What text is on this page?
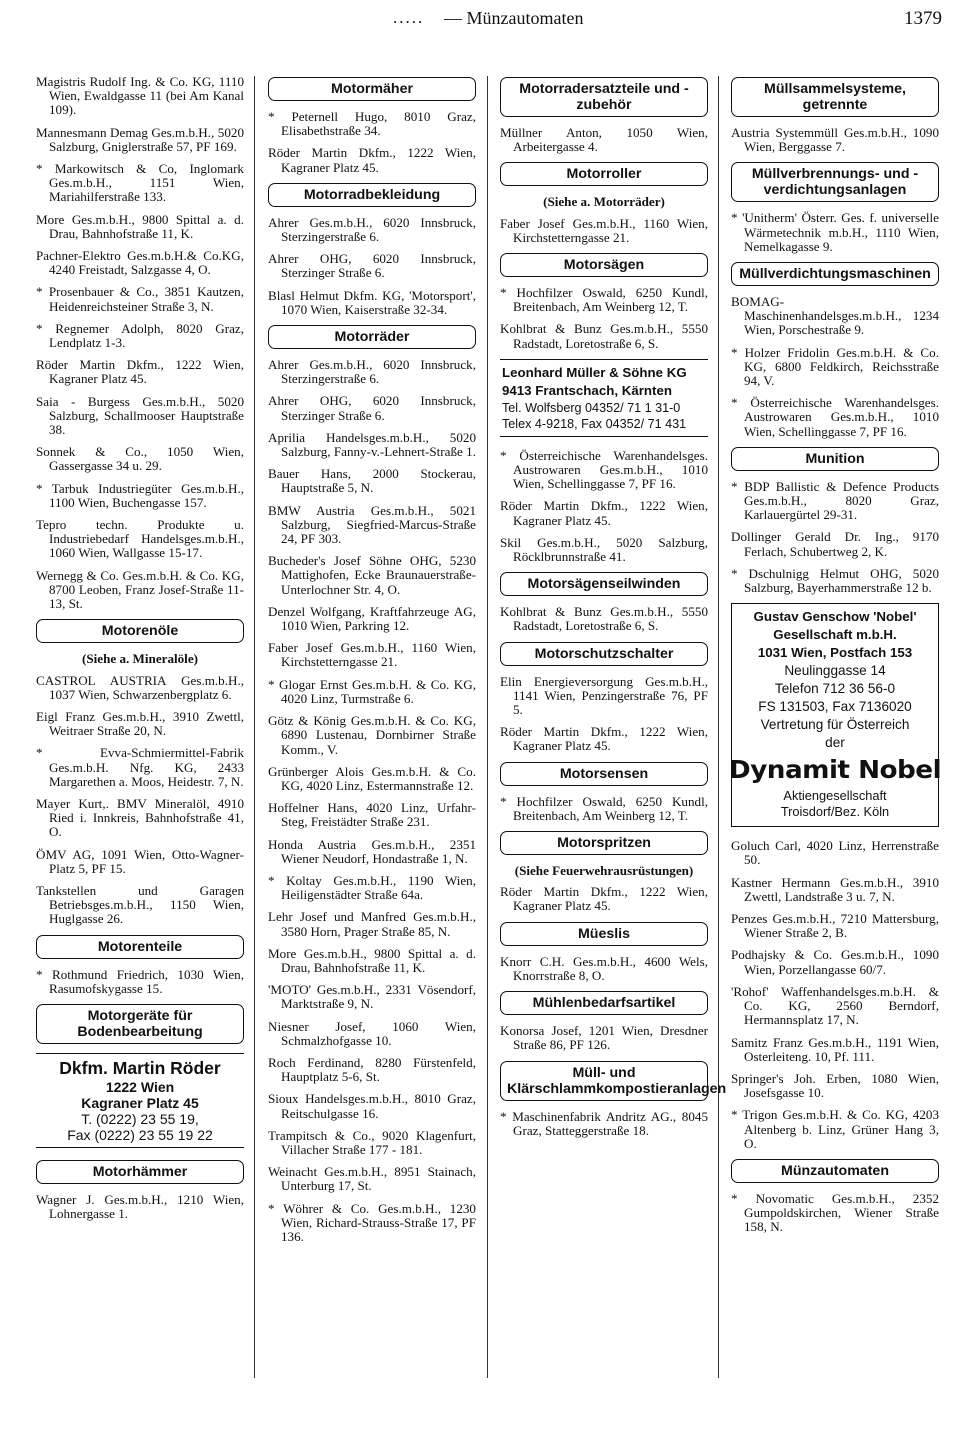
..... — Münzautomaten	1379
Magistris Rudolf Ing. & Co. KG, 1110 Wien, Ewaldgasse 11 (bei Am Kanal 109).
Mannesmann Demag Ges.m.b.H., 5020 Salzburg, Gniglerstraße 57, PF 169.
* Markowitsch & Co, Inglomark Ges.m.b.H., 1151 Wien, Mariahilferstraße 133.
More Ges.m.b.H., 9800 Spittal a. d. Drau, Bahnhofstraße 11, K.
Pachner-Elektro Ges.m.b.H.& Co.KG, 4240 Freistadt, Salzgasse 4, O.
* Prosenbauer & Co., 3851 Kautzen, Heidenreichsteiner Straße 3, N.
* Regnemer Adolph, 8020 Graz, Lendplatz 1-3.
Röder Martin Dkfm., 1222 Wien, Kagraner Platz 45.
Saia - Burgess Ges.m.b.H., 5020 Salzburg, Schallmooser Hauptstraße 38.
Sonnek & Co., 1050 Wien, Gassergasse 34 u. 29.
* Tarbuk Industriegüter Ges.m.b.H., 1100 Wien, Buchengasse 157.
Tepro techn. Produkte u. Industriebedarf Handelsges.m.b.H., 1060 Wien, Wallgasse 15-17.
Wernegg & Co. Ges.m.b.H. & Co. KG, 8700 Leoben, Franz Josef-Straße 11-13, St.
Motorenöle
(Siehe a. Mineralöle)
CASTROL AUSTRIA Ges.m.b.H., 1037 Wien, Schwarzenbergplatz 6.
Eigl Franz Ges.m.b.H., 3910 Zwettl, Weitraer Straße 20, N.
* Evva-Schmiermittel-Fabrik Ges.m.b.H. Nfg. KG, 2433 Margarethen a. Moos, Heidestr. 7, N.
Mayer Kurt,. BMV Mineralöl, 4910 Ried i. Innkreis, Bahnhofstraße 41, O.
ÖMV AG, 1091 Wien, Otto-Wagner-Platz 5, PF 15.
Tankstellen und Garagen Betriebsges.m.b.H., 1150 Wien, Huglgasse 26.
Motorenteile
* Rothmund Friedrich, 1030 Wien, Rasumofskygasse 15.
Motorgeräte für Bodenbearbeitung
Dkfm. Martin Röder
1222 Wien
Kagraner Platz 45
T. (0222) 23 55 19,
Fax (0222) 23 55 19 22
Motorhämmer
Wagner J. Ges.m.b.H., 1210 Wien, Lohnergasse 1.
Motormäher
* Peternell Hugo, 8010 Graz, Elisabethstraße 34.
Röder Martin Dkfm., 1222 Wien, Kagraner Platz 45.
Motorradbekleidung
Ahrer Ges.m.b.H., 6020 Innsbruck, Sterzingerstraße 6.
Ahrer OHG, 6020 Innsbruck, Sterzinger Straße 6.
Blasl Helmut Dkfm. KG, 'Motorsport', 1070 Wien, Kaiserstraße 32-34.
Motorräder
Ahrer Ges.m.b.H., 6020 Innsbruck, Sterzingerstraße 6.
Ahrer OHG, 6020 Innsbruck, Sterzinger Straße 6.
Aprilia Handelsges.m.b.H., 5020 Salzburg, Fanny-v.-Lehnert-Straße 1.
Bauer Hans, 2000 Stockerau, Hauptstraße 5, N.
BMW Austria Ges.m.b.H., 5021 Salzburg, Siegfried-Marcus-Straße 24, PF 303.
Bucheder's Josef Söhne OHG, 5230 Mattighofen, Ecke Braunauerstraße-Unterlochner Str. 4, O.
Denzel Wolfgang, Kraftfahrzeuge AG, 1010 Wien, Parkring 12.
Faber Josef Ges.m.b.H., 1160 Wien, Kirchstetterngasse 21.
* Glogar Ernst Ges.m.b.H. & Co. KG, 4020 Linz, Turmstraße 6.
Götz & König Ges.m.b.H. & Co. KG, 6890 Lustenau, Dornbirner Straße Komm., V.
Grünberger Alois Ges.m.b.H. & Co. KG, 4020 Linz, Estermannstraße 12.
Hoffelner Hans, 4020 Linz, Urfahr-Steg, Freistädter Straße 231.
Honda Austria Ges.m.b.H., 2351 Wiener Neudorf, Hondastraße 1, N.
* Koltay Ges.m.b.H., 1190 Wien, Heiligenstädter Straße 64a.
Lehr Josef und Manfred Ges.m.b.H., 3580 Horn, Prager Straße 85, N.
More Ges.m.b.H., 9800 Spittal a. d. Drau, Bahnhofstraße 11, K.
'MOTO' Ges.m.b.H., 2331 Vösendorf, Marktstraße 9, N.
Niesner Josef, 1060 Wien, Schmalzhofgasse 10.
Roch Ferdinand, 8280 Fürstenfeld, Hauptplatz 5-6, St.
Sioux Handelsges.m.b.H., 8010 Graz, Reitschulgasse 16.
Trampitsch & Co., 9020 Klagenfurt, Villacher Straße 177 - 181.
Weinacht Ges.m.b.H., 8951 Stainach, Unterburg 17, St.
* Wöhrer & Co. Ges.m.b.H., 1230 Wien, Richard-Strauss-Straße 17, PF 136.
Motorradersatzteile und -zubehör
Müllner Anton, 1050 Wien, Arbeitergasse 4.
Motorroller
(Siehe a. Motorräder)
Faber Josef Ges.m.b.H., 1160 Wien, Kirchstetterngasse 21.
Motorsägen
* Hochfilzer Oswald, 6250 Kundl, Breitenbach, Am Weinberg 12, T.
Kohlbrat & Bunz Ges.m.b.H., 5550 Radstadt, Loretostraße 6, S.
Leonhard Müller & Söhne KG
9413 Frantschach, Kärnten
Tel. Wolfsberg 04352/ 71 1 31-0
Telex 4-9218, Fax 04352/ 71 431
* Österreichische Warenhandelsges. Austrowaren Ges.m.b.H., 1010 Wien, Schellinggasse 7, PF 16.
Röder Martin Dkfm., 1222 Wien, Kagraner Platz 45.
Skil Ges.m.b.H., 5020 Salzburg, Röcklbrunnstraße 41.
Motorsägenseilwinden
Kohlbrat & Bunz Ges.m.b.H., 5550 Radstadt, Loretostraße 6, S.
Motorschutzschalter
Elin Energieversorgung Ges.m.b.H., 1141 Wien, Penzingerstraße 76, PF 5.
Röder Martin Dkfm., 1222 Wien, Kagraner Platz 45.
Motorsensen
* Hochfilzer Oswald, 6250 Kundl, Breitenbach, Am Weinberg 12, T.
Motorspritzen
(Siehe Feuerwehrausrüstungen)
Röder Martin Dkfm., 1222 Wien, Kagraner Platz 45.
Müeslis
Knorr C.H. Ges.m.b.H., 4600 Wels, Knorrstraße 8, O.
Mühlenbedarfsartikel
Konorsa Josef, 1201 Wien, Dresdner Straße 86, PF 126.
Müll- und Klärschlammkompostieranlagen
* Maschinenfabrik Andritz AG., 8045 Graz, Statteggerstraße 18.
Müllsammelsysteme, getrennte
Austria Systemmüll Ges.m.b.H., 1090 Wien, Berggasse 7.
Müllverbrennungs- und -verdichtungsanlagen
* 'Unitherm' Österr. Ges. f. universelle Wärmetechnik m.b.H., 1110 Wien, Nemelkagasse 9.
Müllverdichtungsmaschinen
BOMAG-Maschinenhandelsges.m.b.H., 1234 Wien, Porschestraße 9.
* Holzer Fridolin Ges.m.b.H. & Co. KG, 6800 Feldkirch, Reichsstraße 94, V.
* Österreichische Warenhandelsges. Austrowaren Ges.m.b.H., 1010 Wien, Schellinggasse 7, PF 16.
Munition
* BDP Ballistic & Defence Products Ges.m.b.H., 8020 Graz, Karlauergürtel 29-31.
Dollinger Gerald Dr. Ing., 9170 Ferlach, Schubertweg 2, K.
* Dschulnigg Helmut OHG, 5020 Salzburg, Bayerhammerstraße 12 b.
Gustav Genschow 'Nobel'
Gesellschaft m.b.H.
1031 Wien, Postfach 153
Neulinggasse 14
Telefon 712 36 56-0
FS 131503, Fax 7136020
Vertretung für Österreich
der
Dynamit Nobel
Aktiengesellschaft
Troisdorf/Bez. Köln
Goluch Carl, 4020 Linz, Herrenstraße 50.
Kastner Hermann Ges.m.b.H., 3910 Zwettl, Landstraße 3 u. 7, N.
Penzes Ges.m.b.H., 7210 Mattersburg, Wiener Straße 2, B.
Podhajsky & Co. Ges.m.b.H., 1090 Wien, Porzellangasse 60/7.
'Rohof' Waffenhandelsges.m.b.H. & Co. KG, 2560 Berndorf, Hermannsplatz 17, N.
Samitz Franz Ges.m.b.H., 1191 Wien, Osterleiteng. 10, Pf. 111.
Springer's Joh. Erben, 1080 Wien, Josefsgasse 10.
* Trigon Ges.m.b.H. & Co. KG, 4203 Altenberg b. Linz, Grüner Hang 3, O.
Münzautomaten
* Novomatic Ges.m.b.H., 2352 Gumpoldskirchen, Wiener Straße 158, N.
